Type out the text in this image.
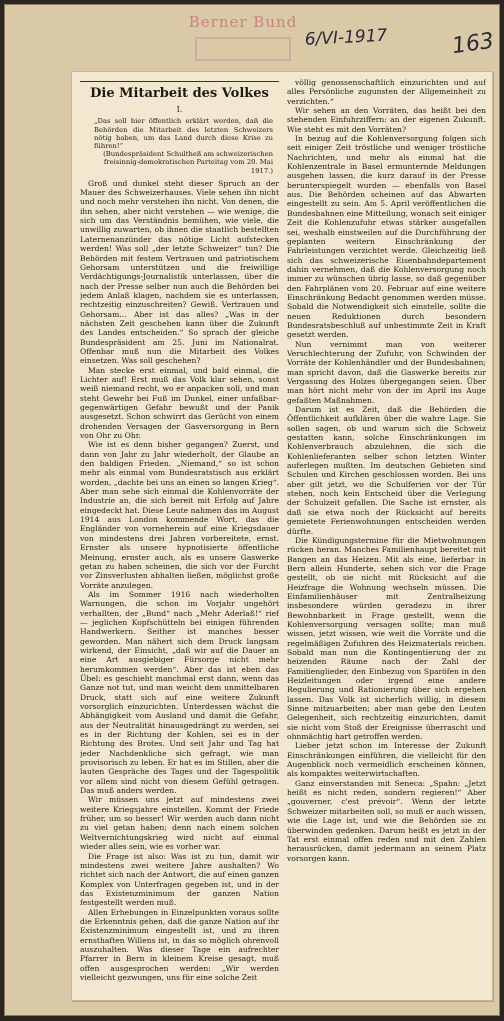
Berner Bund
6/VI-1917	163
Die Mitarbeit des Volkes
I.
„Das soll hier öffentlich erklärt werden, daß die Behörden die Mitarbeit des letzten Schweizers nötig haben, um das Land durch diese Krise zu führen!“
(Bundespräsident Schultheß am schweizerischen freisinnig-demokratischen Parteitag vom 20. Mai 1917.)

Groß und dunkel steht dieser Spruch an der Mauer des Schweizerhauses. Viele sehen ihn nicht und noch mehr verstehen ihn nicht. Von denen, die ihn sehen, aber nicht verstehen — wie wenige, die sich um das Verständnis bemühen, wie viele, die unwillig zuwarten, ob ihnen die staatlich bestellten Laternenanzünder das nötige Licht aufstecken werden! Was soll „der letzte Schweizer“ tun? Die Behörden mit festem Vertrauen und patriotischem Gehorsam unterstützen und die freiwillige Verdächtigungs-Journalistik unterlassen, über die nach der Presse selber nun auch die Behörden bei jedem Anlaß klagen, nachdem sie es unterlassen, rechtzeitig einzuschreiten? Gewiß. Vertrauen und Gehorsam… Aber ist das alles? „Was in der nächsten Zeit geschehen kann über die Zukunft des Landes entscheiden.“ So sprach der gleiche Bundespräsident am 25. Juni im Nationalrat. Offenbar muß nun die Mitarbeit des Volkes einsetzen. Was soll geschehen?

Man stecke erst einmal, und bald einmal, die Lichter auf! Erst muß das Volk klar sehen, sonst weiß niemand recht, wo er anpacken soll, und man steht Gewehr bei Fuß im Dunkel, einer unfaßbar-gegenwärtigen Gefahr bewußt und der Panik ausgesetzt. Schon schwirrt das Gerücht von einem drohenden Versagen der Gasversorgung in Bern von Ohr zu Ohr.

Wie ist es denn bisher gegangen? Zuerst, und dann von Jahr zu Jahr wiederholt, der Glaube an den baldigen Frieden. „Niemand,“ so ist schon mehr als einmal vom Bundesratstisch aus erklärt worden, „dachte bei uns an einen so langen Krieg“. Aber man sehe sich einmal die Kohlenvorräte der Industrie an, die sich bereit mit Erfolg auf Jahre eingedeckt hat. Diese Leute nahmen das im August 1914 aus London kommende Wort, das die Engländer von vorneherein auf eine Kriegsdauer von mindestens drei Jahren vorbereitete, ernst. Ernster als unsere hypnotisierte öffentliche Meinung, ernster auch, als es unsere Gaswerke getan zu haben scheinen, die sich vor der Furcht vor Zinsverlusten abhalten ließen, möglichst große Vorräte anzulegen.

Als im Sommer 1916 nach wiederholten Warnungen, die schon im Vorjahr ungehört verhallten, der „Bund“ nach „Mehr Aderlaß!“ rief — jeglichen Kopfschütteln bei einigen führenden Handwerkern. Seither ist manches besser geworden. Man nähert sich dem Druck langsam wirkend, der Einsicht, „daß wir auf die Dauer an eine Art ausgiebiger Fürsorge nicht mehr herumkommen werden“. Aber das ist eben das Übel: es geschieht manchmal erst dann, wenn das Ganze not tut, und man weicht dem unmittelbaren Druck, statt sich auf eine weitere Zukunft vorsorglich einzurichten. Unterdessen wächst die Abhängigkeit vom Ausland und damit die Gefahr, aus der Neutralität hinausgedrängt zu werden, sei es in der Richtung der Kohlen, sei es in der Richtung des Brotes. Und seit Jahr und Tag hat jeder Nachdenkliche sich gefragt, wie man provisorisch zu leben. Er hat es im Stillen, aber die lauten Gespräche des Tages und der Tagespolitik vor allem sind nicht von diesem Gefühl getragen. Das muß anders werden.

Wir müssen uns jetzt auf mindestens zwei weitere Kriegsjahre einstellen. Kommt der Friede früher, um so besser! Wir werden auch dann nicht zu viel getan haben; denn nach einem solchen Weltvernichtungskrieg wird nicht auf einmal wieder alles sein, wie es vorher war.

Die Frage ist also: Was ist zu tun, damit wir mindestens zwei weitere Jahre aushalten? Wo richtet sich nach der Antwort, die auf einen ganzen Komplex von Unterfragen gegeben ist, und in der das Existenzminimum der ganzen Nation festgestellt werden muß.

Allen Erhebungen in Einzelpunkten voraus sollte die Erkenntnis gehen, daß die ganze Nation auf ihr Existenzminimum eingestellt ist, und zu ihren ernsthaften Willens ist, in das so möglich ohrenvoll auszuhalten. Was dieser Tage ein aufrechter Pfarrer in Bern in kleinem Kreise gesagt, muß offen ausgesprochen werden: „Wir werden vielleicht gezwungen, uns für eine solche Zeit

völlig genossenschaftlich einzurichten und auf alles Persönliche zugunsten der Allgemeinheit zu verzichten.“

Wir sehen an den Vorräten, das heißt bei den stehenden Einfuhrziffern: an der eigenen Zukunft. Wie steht es mit den Vorräten?

In bezug auf die Kohlenversorgung folgen sich seit einiger Zeit tröstliche und weniger tröstliche Nachrichten, und mehr als einmal hat die Kohlenzentrale in Basel ermunternde Meldungen ausgehen lassen, die kurz darauf in der Presse berunterspiegelt wurden — ebenfalls von Basel aus. Die Behörden scheinen auf das Abwarten eingestellt zu sein. Am 5. April veröffentlichen die Bundesbahnen eine Mitteilung, wonach seit einiger Zeit die Kohlenzufuhr etwas stärker ausgefallen sei, weshalb einstweilen auf die Durchführung der geplanten weitern Einschränkung der Fahrleistungen verzichtet werde. Gleichzeitig ließ sich das schweizerische Eisenbahndepartement dahin vernehmen, daß die Kohlenversorgung noch immer zu wünschen übrig lasse, so daß gegenüber den Fahrplänen vom 20. Februar auf eine weitere Einschränkung Bedacht genommen werden müsse. Sobald die Notwendigkeit sich einstelle, sollte die neuen Reduktionen durch besondern Bundesratsbeschluß auf unbestimmte Zeit in Kraft gesetzt werden.

Nun vernimmt man von weiterer Verschlechterung der Zufuhr, von Schwinden der Vorräte der Kohlenhändler und der Bundesbahnen; man spricht davon, daß die Gaswerke bereits zur Vergasung des Holzes übergegangen seien. Über man hört nicht mehr von der im April ins Auge gefaßten Maßnahmen.

Darum ist es Zeit, daß die Behörden die Öffentlichkeit aufklären über die wahre Lage. Sie sollen sagen, ob und warum sich die Schweiz gestatten kann, solche Einschränkungen im Kohlenverbrauch abzulehnen, die sich die Kohlenlieferanten selber schon letzten Winter auferlegen mußten. Im deutschen Gebieten sind Schulen und Kirchen geschlossen worden. Bei uns aber gilt jetzt, wo die Schulferien vor der Tür stehen, noch kein Entscheid über die Verlegung der Schulzeit gefallen. Die Sache ist ernster, als daß sie etwa noch der Rücksicht auf bereits gemietete Ferienwohnungen entscheiden werden dürfte.

Die Kündigungstermine für die Mietwohnungen rücken heran. Manches Familienhaupt bereitet mit Bangen an das Heizen. Mit als eine, lieferbar in Bern allein Hunderte, sehen sich vor die Frage gestellt, ob sie nicht mit Rücksicht auf die Heizfrage die Wohnung wechseln müssen. Die Einfamilienhäuser mit Zentralheizung insbesondere würden geradezu in ihrer Bewohnbarkeit in Frage gestellt, wenn die Kohlenversorgung versagen sollte; man muß wissen, jetzt wissen, wie weit die Vorräte und die regelmäßigen Zufuhren des Heizmaterials reichen. Sobald man nun die Kontingentierung der zu heizenden Räume nach der Zahl der Familienglieder, den Einbezug von Sparöfen in den Heizleitungen oder irgend eine andere Regulierung und Rationierung über sich ergehen lassen. Das Volk ist sicherlich willig, in diesem Sinne mitzuarbeiten; aber man gebe den Leuten Gelegenheit, sich rechtzeitig einzurichten, damit sie nicht vom Stoß der Ereignisse überrascht und ohnmächtig hart getroffen werden.

Lieber jetzt schon im Interesse der Zukunft Einschränkungen einführen, die vielleicht für den Augenblick noch vermeidlich erscheinen können, als kompaktes weiterwirtschaften.

Ganz einverstanden mit Seneca: „Spahn: „Jetzt heißt es nicht reden, sondern regieren!“ Aber „gouverner, c'est prévoir“. Wenn der letzte Schweizer mitarbeiten soll, so muß er auch wissen, wie die Lage ist, und wie die Behörden sie zu überwinden gedenken. Darum heißt es jetzt in der Tat erst einmal offen reden und mit den Zahlen herausrücken, damit jedermann an seinem Platz vorsorgen kann.
